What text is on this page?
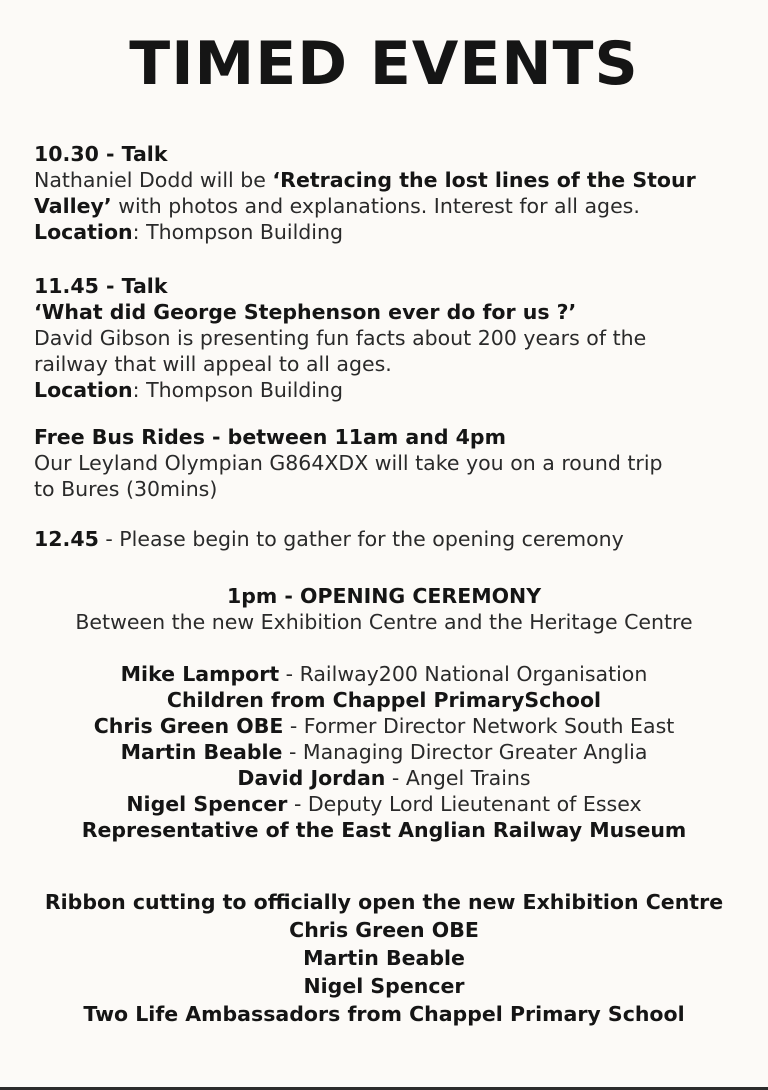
TIMED EVENTS
10.30 - Talk
Nathaniel Dodd will be ‘Retracing the lost lines of the Stour
Valley’ with photos and explanations. Interest for all ages.
Location: Thompson Building
11.45 - Talk
‘What did George Stephenson ever do for us ?’
David Gibson is presenting fun facts about 200 years of the
railway that will appeal to all ages.
Location: Thompson Building
Free Bus Rides - between 11am and 4pm
Our Leyland Olympian G864XDX will take you on a round trip
to Bures (30mins)
12.45 - Please begin to gather for the opening ceremony
1pm - OPENING CEREMONY
Between the new Exhibition Centre and the Heritage Centre
Mike Lamport - Railway200 National Organisation
Children from Chappel PrimarySchool
Chris Green OBE - Former Director Network South East
Martin Beable - Managing Director Greater Anglia
David Jordan - Angel Trains
Nigel Spencer - Deputy Lord Lieutenant of Essex
Representative of the East Anglian Railway Museum
Ribbon cutting to officially open the new Exhibition Centre
Chris Green OBE
Martin Beable
Nigel Spencer
Two Life Ambassadors from Chappel Primary School
